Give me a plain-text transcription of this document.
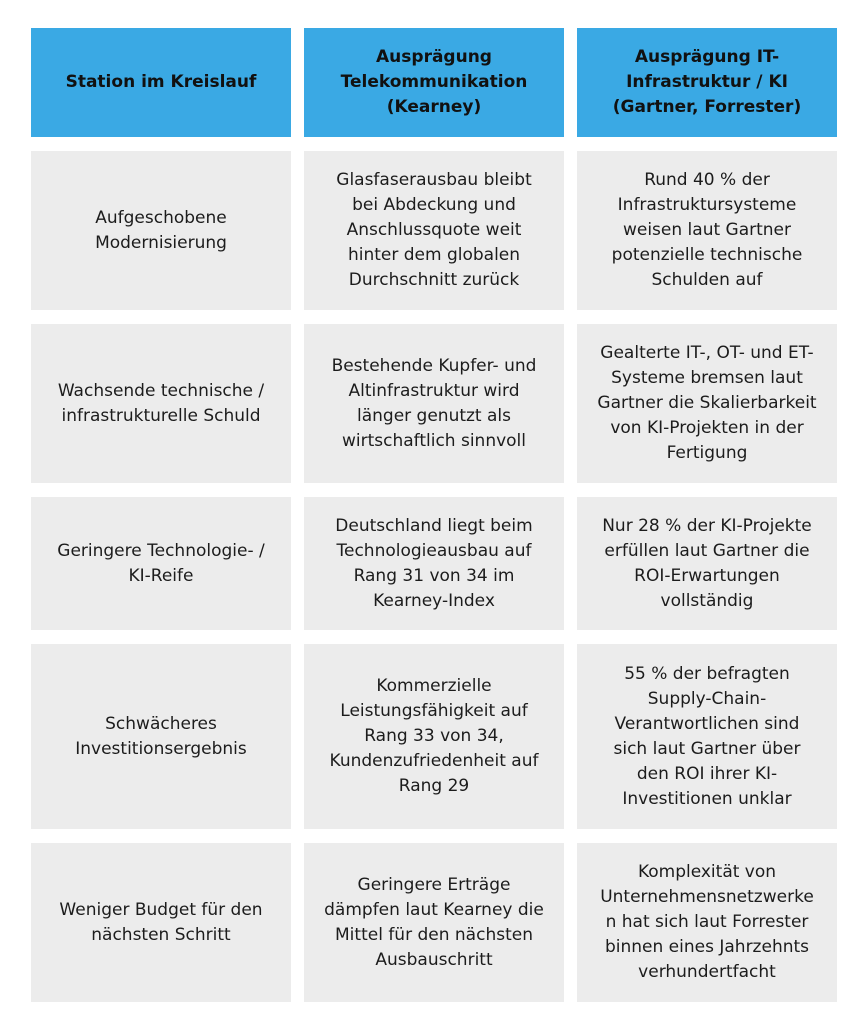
Station im Kreislauf
Ausprägung
Telekommunikation
(Kearney)
Ausprägung IT-
Infrastruktur / KI
(Gartner, Forrester)
Aufgeschobene
Modernisierung
Glasfaserausbau bleibt
bei Abdeckung und
Anschlussquote weit
hinter dem globalen
Durchschnitt zurück
Rund 40 % der
Infrastruktursysteme
weisen laut Gartner
potenzielle technische
Schulden auf
Wachsende technische /
infrastrukturelle Schuld
Bestehende Kupfer- und
Altinfrastruktur wird
länger genutzt als
wirtschaftlich sinnvoll
Gealterte IT-, OT- und ET-
Systeme bremsen laut
Gartner die Skalierbarkeit
von KI-Projekten in der
Fertigung
Geringere Technologie- /
KI-Reife
Deutschland liegt beim
Technologieausbau auf
Rang 31 von 34 im
Kearney-Index
Nur 28 % der KI-Projekte
erfüllen laut Gartner die
ROI-Erwartungen
vollständig
Schwächeres
Investitionsergebnis
Kommerzielle
Leistungsfähigkeit auf
Rang 33 von 34,
Kundenzufriedenheit auf
Rang 29
55 % der befragten
Supply-Chain-
Verantwortlichen sind
sich laut Gartner über
den ROI ihrer KI-
Investitionen unklar
Weniger Budget für den
nächsten Schritt
Geringere Erträge
dämpfen laut Kearney die
Mittel für den nächsten
Ausbauschritt
Komplexität von
Unternehmensnetzwerke
n hat sich laut Forrester
binnen eines Jahrzehnts
verhundertfacht
